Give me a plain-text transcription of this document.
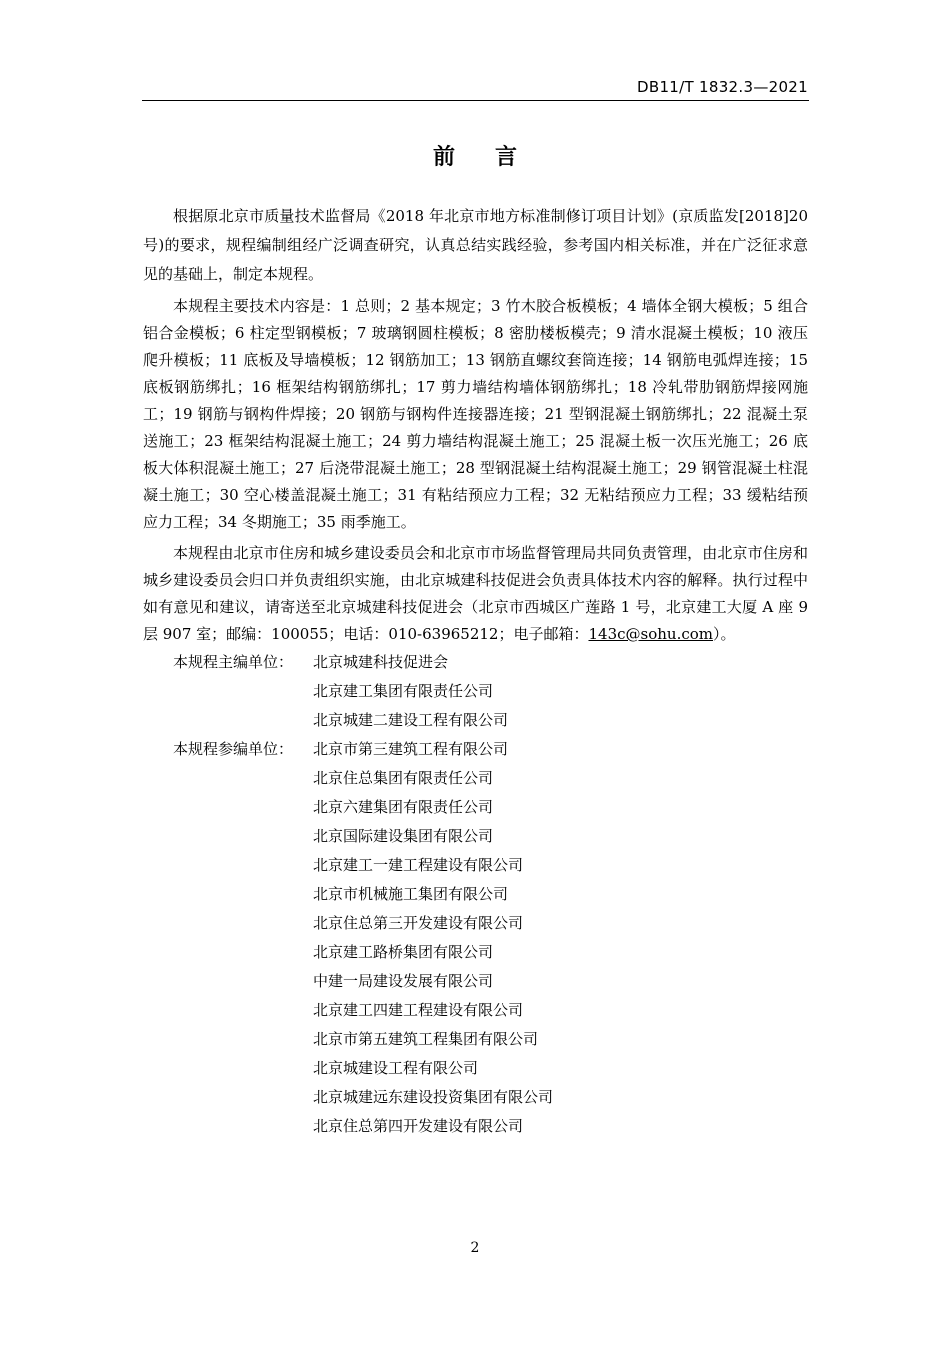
DB11/T 1832.3—2021
前言

根据原北京市质量技术监督局《2018 年北京市地方标准制修订项目计划》(京质监发[2018]20 号)的要求，规程编制组经广泛调查研究，认真总结实践经验，参考国内相关标准，并在广泛征求意见的基础上，制定本规程。

本规程主要技术内容是：1 总则；2 基本规定；3 竹木胶合板模板；4 墙体全钢大模板；5 组合铝合金模板；6 柱定型钢模板；7 玻璃钢圆柱模板；8 密肋楼板模壳；9 清水混凝土模板；10 液压爬升模板；11 底板及导墙模板；12 钢筋加工；13 钢筋直螺纹套筒连接；14 钢筋电弧焊连接；15 底板钢筋绑扎；16 框架结构钢筋绑扎；17 剪力墙结构墙体钢筋绑扎；18 冷轧带肋钢筋焊接网施工；19 钢筋与钢构件焊接；20 钢筋与钢构件连接器连接；21 型钢混凝土钢筋绑扎；22 混凝土泵送施工；23 框架结构混凝土施工；24 剪力墙结构混凝土施工；25 混凝土板一次压光施工；26 底板大体积混凝土施工；27 后浇带混凝土施工；28 型钢混凝土结构混凝土施工；29 钢管混凝土柱混凝土施工；30 空心楼盖混凝土施工；31 有粘结预应力工程；32 无粘结预应力工程；33 缓粘结预应力工程；34 冬期施工；35 雨季施工。

本规程由北京市住房和城乡建设委员会和北京市市场监督管理局共同负责管理，由北京市住房和城乡建设委员会归口并负责组织实施，由北京城建科技促进会负责具体技术内容的解释。执行过程中如有意见和建议，请寄送至北京城建科技促进会（北京市西城区广莲路 1 号，北京建工大厦 A 座 9 层 907 室；邮编：100055；电话：010-63965212；电子邮箱：143c@sohu.com）。

本规程主编单位：	北京城建科技促进会
北京建工集团有限责任公司
北京城建二建设工程有限公司
本规程参编单位：	北京市第三建筑工程有限公司
北京住总集团有限责任公司
北京六建集团有限责任公司
北京国际建设集团有限公司
北京建工一建工程建设有限公司
北京市机械施工集团有限公司
北京住总第三开发建设有限公司
北京建工路桥集团有限公司
中建一局建设发展有限公司
北京建工四建工程建设有限公司
北京市第五建筑工程集团有限公司
北京城建设工程有限公司
北京城建远东建设投资集团有限公司
北京住总第四开发建设有限公司
2
